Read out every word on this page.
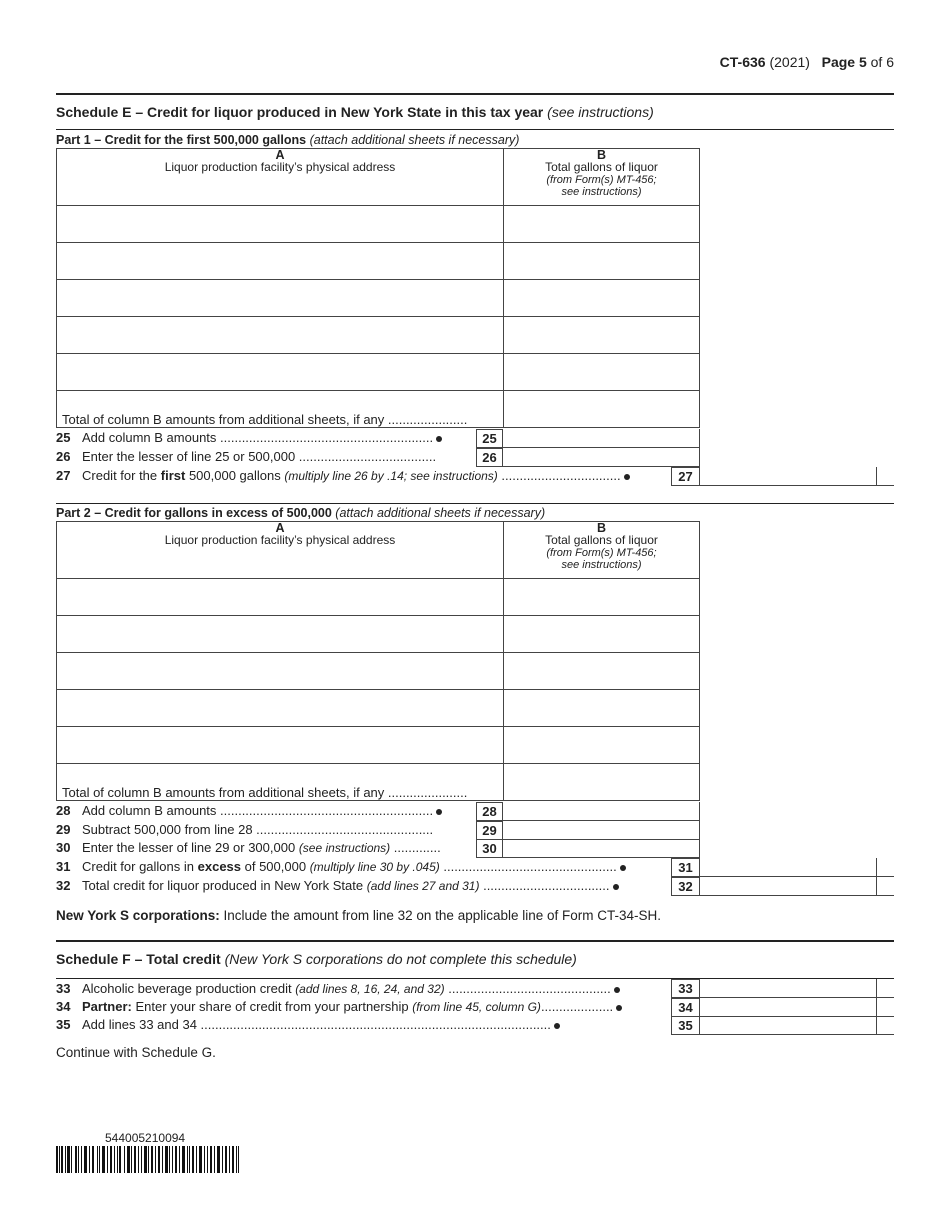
CT-636 (2021) Page 5 of 6
Schedule E – Credit for liquor produced in New York State in this tax year (see instructions)
Part 1 – Credit for the first 500,000 gallons (attach additional sheets if necessary)
A
Liquor production facility’s physical address	B
Total gallons of liquor
(from Form(s) MT-456;
see instructions)

Total of column B amounts from additional sheets, if any ......................	
25 Add column B amounts ...........................................................	25
26 Enter the lesser of line 25 or 500,000 ......................................	26
27 Credit for the first 500,000 gallons (multiply line 26 by .14; see instructions) .................................	27
Part 2 – Credit for gallons in excess of 500,000 (attach additional sheets if necessary)
A
Liquor production facility’s physical address	B
Total gallons of liquor
(from Form(s) MT-456;
see instructions)

Total of column B amounts from additional sheets, if any ......................	
28 Add column B amounts ...........................................................	28
29 Subtract 500,000 from line 28 .................................................	29
30 Enter the lesser of line 29 or 300,000 (see instructions) .............	30
31 Credit for gallons in excess of 500,000 (multiply line 30 by .045) ................................................	31
32 Total credit for liquor produced in New York State (add lines 27 and 31) ...................................	32
New York S corporations: Include the amount from line 32 on the applicable line of Form CT-34-SH.
Schedule F – Total credit (New York S corporations do not complete this schedule)
33 Alcoholic beverage production credit (add lines 8, 16, 24, and 32) .............................................	33
34 Partner: Enter your share of credit from your partnership (from line 45, column G)....................	34
35 Add lines 33 and 34 .................................................................................................	35
Continue with Schedule G.
544005210094
